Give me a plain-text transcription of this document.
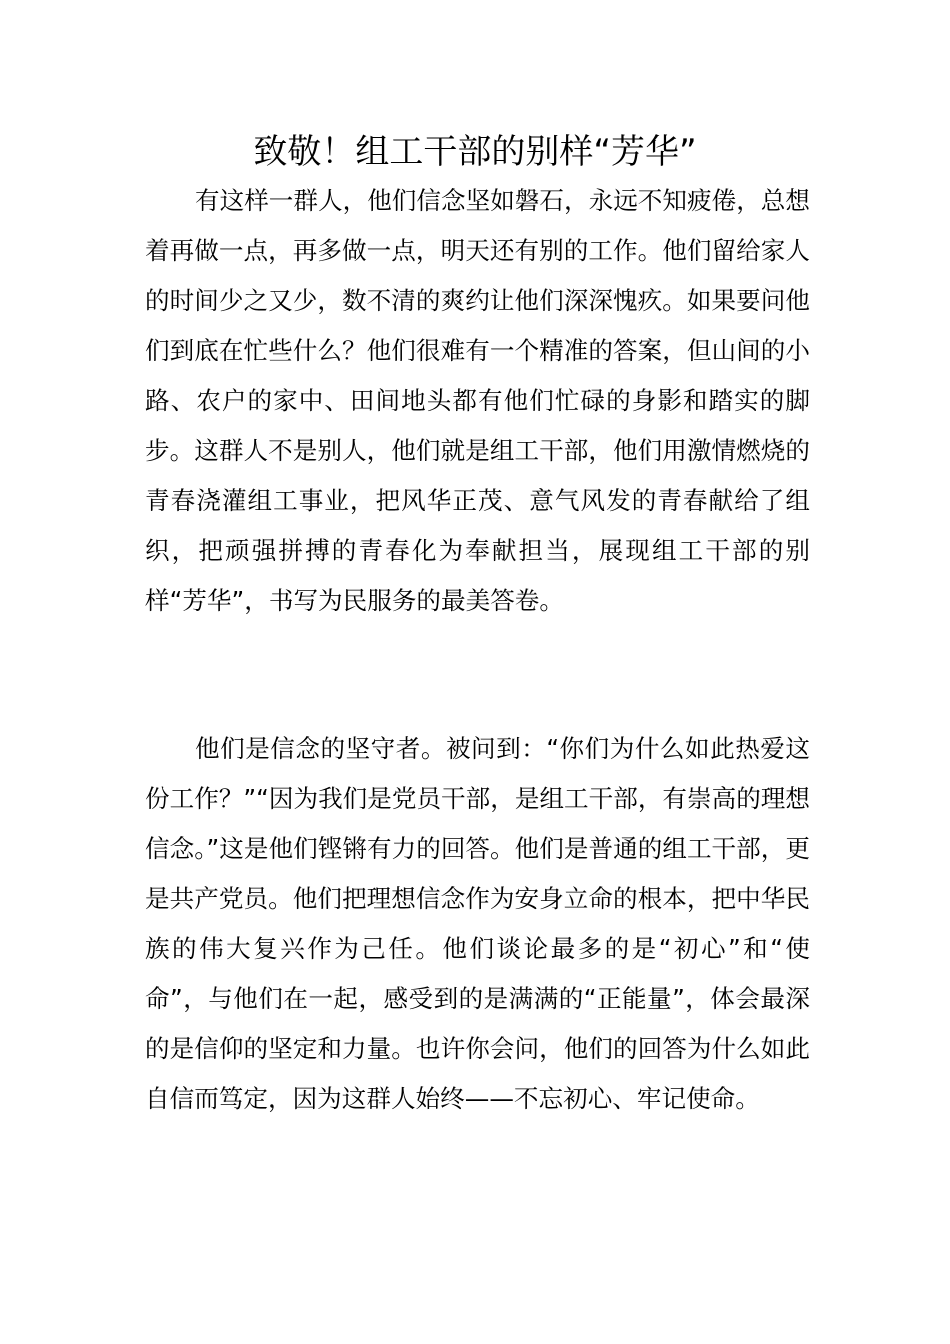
致敬！组工干部的别样“芳华”

有这样一群人，他们信念坚如磐石，永远不知疲倦，总想着再做一点，再多做一点，明天还有别的工作。他们留给家人的时间少之又少，数不清的爽约让他们深深愧疚。如果要问他们到底在忙些什么？他们很难有一个精准的答案，但山间的小路、农户的家中、田间地头都有他们忙碌的身影和踏实的脚步。这群人不是别人，他们就是组工干部，他们用激情燃烧的青春浇灌组工事业，把风华正茂、意气风发的青春献给了组织，把顽强拼搏的青春化为奉献担当，展现组工干部的别样“芳华”，书写为民服务的最美答卷。

他们是信念的坚守者。被问到：“你们为什么如此热爱这份工作？”“因为我们是党员干部，是组工干部，有崇高的理想信念。”这是他们铿锵有力的回答。他们是普通的组工干部，更是共产党员。他们把理想信念作为安身立命的根本，把中华民族的伟大复兴作为己任。他们谈论最多的是“初心”和“使命”，与他们在一起，感受到的是满满的“正能量”，体会最深的是信仰的坚定和力量。也许你会问，他们的回答为什么如此自信而笃定，因为这群人始终——不忘初心、牢记使命。
